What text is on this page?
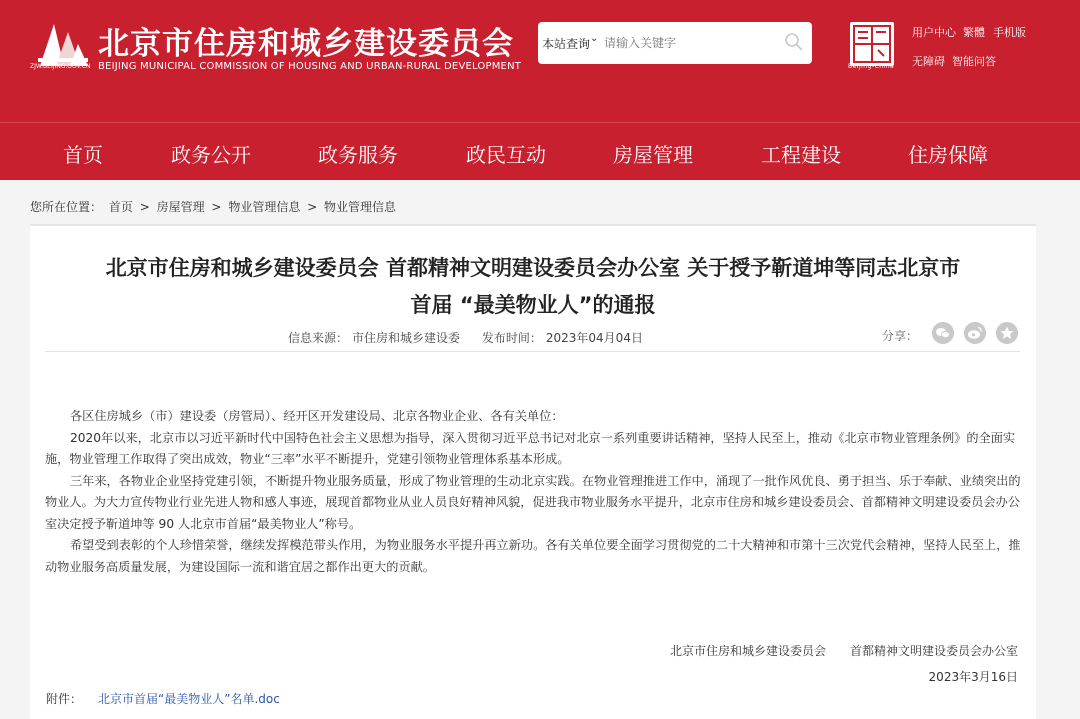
ZJW.BEIJING.GOV.CN
北京市住房和城乡建设委员会
BEIJING MUNICIPAL COMMISSION OF HOUSING AND URBAN-RURAL DEVELOPMENT
本站查询 ⌄
请输入关键字
Beijing-China
用户中心 繁體 手机版
无障碍 智能问答
首页	政务公开	政务服务	政民互动	房屋管理	工程建设	住房保障
您所在位置： 首页 > 房屋管理 > 物业管理信息 > 物业管理信息
北京市住房和城乡建设委员会 首都精神文明建设委员会办公室 关于授予靳道坤等同志北京市
首届 “最美物业人”的通报
信息来源： 市住房和城乡建设委 发布时间： 2023年04月04日	分享：

各区住房城乡（市）建设委（房管局）、经开区开发建设局、北京各物业企业、各有关单位：

2020年以来，北京市以习近平新时代中国特色社会主义思想为指导，深入贯彻习近平总书记对北京一系列重要讲话精神，坚持人民至上，推动《北京市物业管理条例》的全面实施，物业管理工作取得了突出成效，物业“三率”水平不断提升，党建引领物业管理体系基本形成。

三年来，各物业企业坚持党建引领，不断提升物业服务质量，形成了物业管理的生动北京实践。在物业管理推进工作中，涌现了一批作风优良、勇于担当、乐于奉献、业绩突出的物业人。为大力宣传物业行业先进人物和感人事迹，展现首都物业从业人员良好精神风貌，促进我市物业服务水平提升，北京市住房和城乡建设委员会、首都精神文明建设委员会办公室决定授予靳道坤等 90 人北京市首届“最美物业人”称号。

希望受到表彰的个人珍惜荣誉，继续发挥模范带头作用，为物业服务水平提升再立新功。各有关单位要全面学习贯彻党的二十大精神和市第十三次党代会精神，坚持人民至上，推动物业服务高质量发展，为建设国际一流和谐宜居之都作出更大的贡献。

北京市住房和城乡建设委员会　　首都精神文明建设委员会办公室
2023年3月16日
附件： 北京市首届“最美物业人”名单.doc
